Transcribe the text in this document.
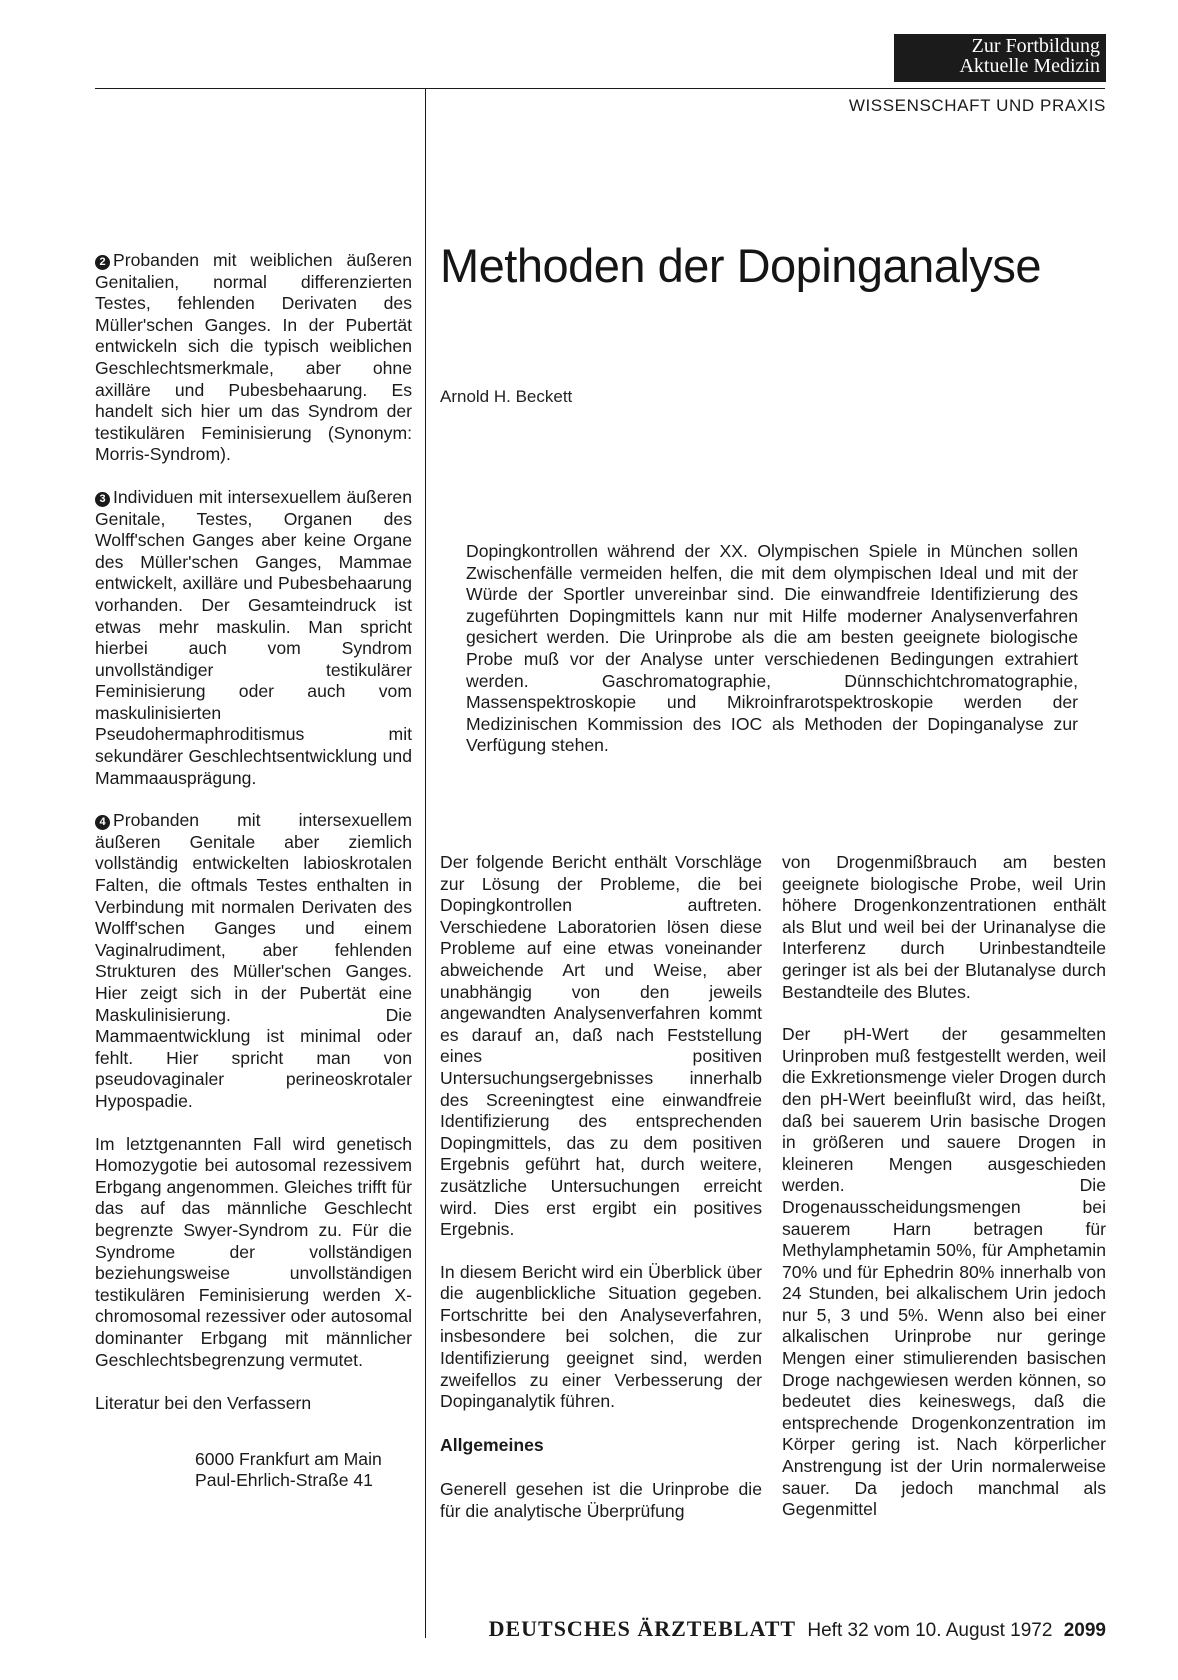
Zur Fortbildung
Aktuelle Medizin
WISSENSCHAFT UND PRAXIS
Methoden der Dopinganalyse
Arnold H. Beckett
Dopingkontrollen während der XX. Olympischen Spiele in München sollen Zwischenfälle vermeiden helfen, die mit dem olympischen Ideal und mit der Würde der Sportler unvereinbar sind. Die einwandfreie Identifizierung des zugeführten Dopingmittels kann nur mit Hilfe moderner Analysenverfahren gesichert werden. Die Urinprobe als die am besten geeignete biologische Probe muß vor der Analyse unter verschiedenen Bedingungen extrahiert werden. Gaschromatographie, Dünnschichtchromatographie, Massenspektroskopie und Mikroinfrarotspektroskopie werden der Medizinischen Kommission des IOC als Methoden der Dopinganalyse zur Verfügung stehen.

2 Probanden mit weiblichen äußeren Genitalien, normal differenzierten Testes, fehlenden Derivaten des Müller'schen Ganges. In der Pubertät entwickeln sich die typisch weiblichen Geschlechtsmerkmale, aber ohne axilläre und Pubesbehaarung. Es handelt sich hier um das Syndrom der testikulären Feminisierung (Synonym: Morris-Syndrom).

3 Individuen mit intersexuellem äußeren Genitale, Testes, Organen des Wolff'schen Ganges aber keine Organe des Müller'schen Ganges, Mammae entwickelt, axilläre und Pubesbehaarung vorhanden. Der Gesamteindruck ist etwas mehr maskulin. Man spricht hierbei auch vom Syndrom unvollständiger testikulärer Feminisierung oder auch vom maskulinisierten Pseudohermaphroditismus mit sekundärer Geschlechtsentwicklung und Mammaausprägung.

4 Probanden mit intersexuellem äußeren Genitale aber ziemlich vollständig entwickelten labioskrotalen Falten, die oftmals Testes enthalten in Verbindung mit normalen Derivaten des Wolff'schen Ganges und einem Vaginalrudiment, aber fehlenden Strukturen des Müller'schen Ganges. Hier zeigt sich in der Pubertät eine Maskulinisierung. Die Mammaentwicklung ist minimal oder fehlt. Hier spricht man von pseudovaginaler perineoskrotaler Hypospadie.

Im letztgenannten Fall wird genetisch Homozygotie bei autosomal rezessivem Erbgang angenommen. Gleiches trifft für das auf das männliche Geschlecht begrenzte Swyer-Syndrom zu. Für die Syndrome der vollständigen beziehungsweise unvollständigen testikulären Feminisierung werden X-chromosomal rezessiver oder autosomal dominanter Erbgang mit männlicher Geschlechtsbegrenzung vermutet.

Literatur bei den Verfassern
6000 Frankfurt am Main
Paul-Ehrlich-Straße 41

Der folgende Bericht enthält Vorschläge zur Lösung der Probleme, die bei Dopingkontrollen auftreten. Verschiedene Laboratorien lösen diese Probleme auf eine etwas voneinander abweichende Art und Weise, aber unabhängig von den jeweils angewandten Analysenverfahren kommt es darauf an, daß nach Feststellung eines positiven Untersuchungsergebnisses innerhalb des Screeningtest eine einwandfreie Identifizierung des entsprechenden Dopingmittels, das zu dem positiven Ergebnis geführt hat, durch weitere, zusätzliche Untersuchungen erreicht wird. Dies erst ergibt ein positives Ergebnis.

In diesem Bericht wird ein Überblick über die augenblickliche Situation gegeben. Fortschritte bei den Analyseverfahren, insbesondere bei solchen, die zur Identifizierung geeignet sind, werden zweifellos zu einer Verbesserung der Dopinganalytik führen.

Allgemeines

Generell gesehen ist die Urinprobe die für die analytische Überprüfung

von Drogenmißbrauch am besten geeignete biologische Probe, weil Urin höhere Drogenkonzentrationen enthält als Blut und weil bei der Urinanalyse die Interferenz durch Urinbestandteile geringer ist als bei der Blutanalyse durch Bestandteile des Blutes.

Der pH-Wert der gesammelten Urinproben muß festgestellt werden, weil die Exkretionsmenge vieler Drogen durch den pH-Wert beeinflußt wird, das heißt, daß bei sauerem Urin basische Drogen in größeren und sauere Drogen in kleineren Mengen ausgeschieden werden. Die Drogenausscheidungsmengen bei sauerem Harn betragen für Methylamphetamin 50%, für Amphetamin 70% und für Ephedrin 80% innerhalb von 24 Stunden, bei alkalischem Urin jedoch nur 5, 3 und 5%. Wenn also bei einer alkalischen Urinprobe nur geringe Mengen einer stimulierenden basischen Droge nachgewiesen werden können, so bedeutet dies keineswegs, daß die entsprechende Drogenkonzentration im Körper gering ist. Nach körperlicher Anstrengung ist der Urin normalerweise sauer. Da jedoch manchmal als Gegenmittel

DEUTSCHES ÄRZTEBLATT Heft 32 vom 10. August 1972 2099
